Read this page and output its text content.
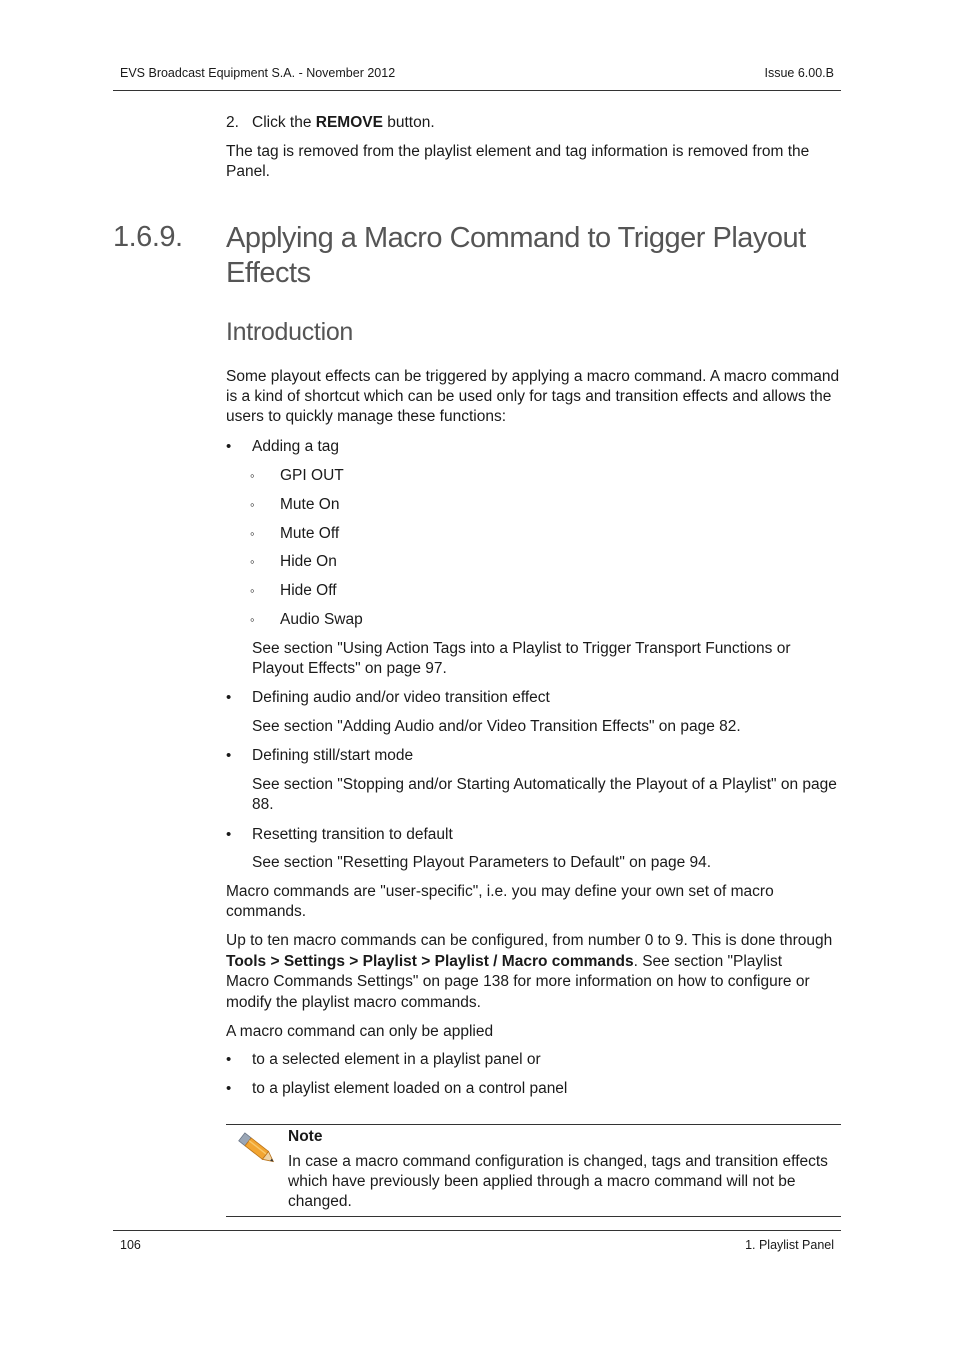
EVS Broadcast Equipment S.A. - November 2012	Issue 6.00.B
2. Click the REMOVE button.
The tag is removed from the playlist element and tag information is removed from the
Panel.
1.6.9. Applying a Macro Command to Trigger Playout
Effects
Introduction
Some playout effects can be triggered by applying a macro command. A macro command
is a kind of shortcut which can be used only for tags and transition effects and allows the
users to quickly manage these functions:
• Adding a tag
◦ GPI OUT
◦ Mute On
◦ Mute Off
◦ Hide On
◦ Hide Off
◦ Audio Swap
See section "Using Action Tags into a Playlist to Trigger Transport Functions or
Playout Effects" on page 97.
• Defining audio and/or video transition effect
See section "Adding Audio and/or Video Transition Effects" on page 82.
• Defining still/start mode
See section "Stopping and/or Starting Automatically the Playout of a Playlist" on page
88.
• Resetting transition to default
See section "Resetting Playout Parameters to Default" on page 94.
Macro commands are "user-specific", i.e. you may define your own set of macro
commands.
Up to ten macro commands can be configured, from number 0 to 9. This is done through
Tools > Settings > Playlist > Playlist / Macro commands. See section "Playlist
Macro Commands Settings" on page 138 for more information on how to configure or
modify the playlist macro commands.
A macro command can only be applied
• to a selected element in a playlist panel or
• to a playlist element loaded on a control panel
Note
In case a macro command configuration is changed, tags and transition effects
which have previously been applied through a macro command will not be
changed.
106	1. Playlist Panel
